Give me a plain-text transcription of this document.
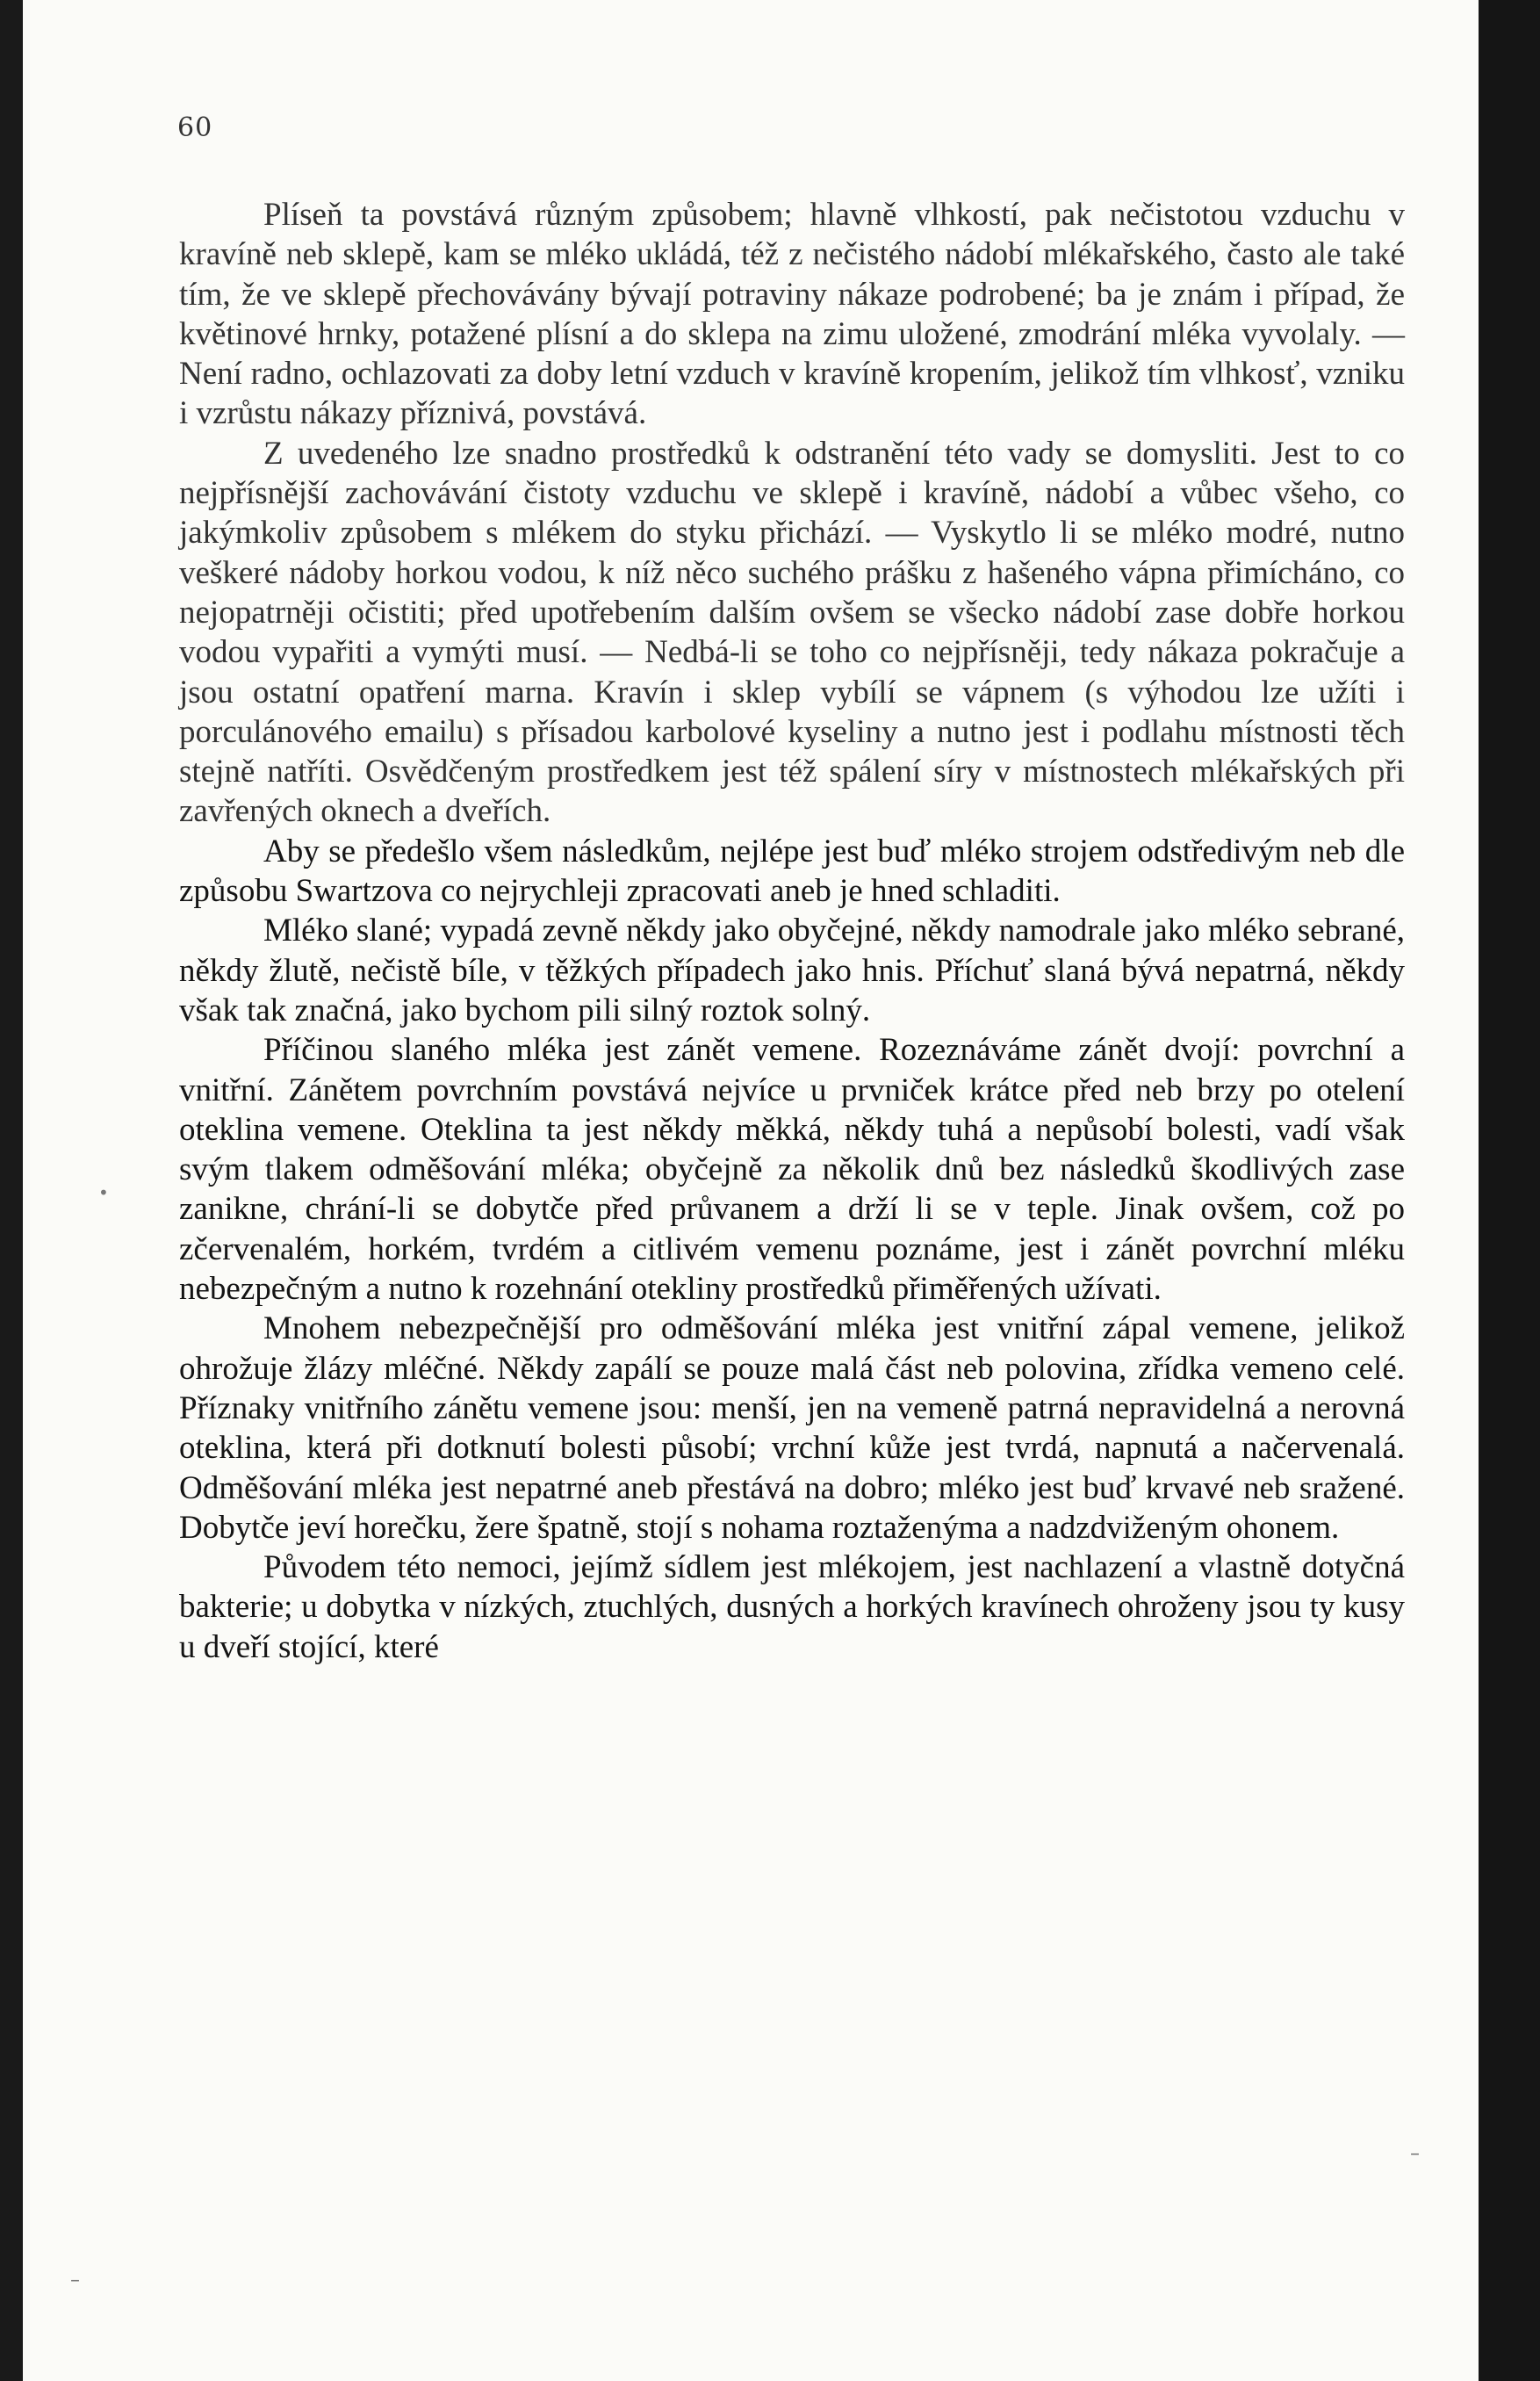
60

Plíseň ta povstává různým způsobem; hlavně vlhkostí, pak nečistotou vzduchu v kravíně neb sklepě, kam se mléko ukládá, též z nečistého nádobí mlékařského, často ale také tím, že ve sklepě přechovávány bývají potraviny nákaze podrobené; ba je znám i případ, že květinové hrnky, potažené plísní a do sklepa na zimu uložené, zmodrání mléka vyvolaly. — Není radno, ochlazovati za doby letní vzduch v kravíně kropením, jelikož tím vlhkosť, vzniku i vzrůstu nákazy příznivá, povstává.

Z uvedeného lze snadno prostředků k odstranění této vady se domysliti. Jest to co nejpřísnější zachovávání čistoty vzduchu ve sklepě i kravíně, nádobí a vůbec všeho, co jakýmkoliv způsobem s mlékem do styku přichází. — Vyskytlo li se mléko modré, nutno veškeré nádoby horkou vodou, k níž něco suchého prášku z hašeného vápna přimícháno, co nejopatrněji očistiti; před upotřebením dalším ovšem se všecko nádobí zase dobře horkou vodou vypařiti a vymýti musí. — Nedbá-li se toho co nejpřísněji, tedy nákaza pokračuje a jsou ostatní opatření marna. Kravín i sklep vybílí se vápnem (s výhodou lze užíti i porculánového emailu) s přísadou karbolové kyseliny a nutno jest i podlahu místnosti těch stejně natříti. Osvědčeným prostředkem jest též spálení síry v místnostech mlékařských při zavřených oknech a dveřích.

Aby se předešlo všem následkům, nejlépe jest buď mléko strojem odstředivým neb dle způsobu Swartzova co nejrychleji zpracovati aneb je hned schladiti.

Mléko slané; vypadá zevně někdy jako obyčejné, někdy namodrale jako mléko sebrané, někdy žlutě, nečistě bíle, v těžkých případech jako hnis. Příchuť slaná bývá nepatrná, někdy však tak značná, jako bychom pili silný roztok solný.

Příčinou slaného mléka jest zánět vemene. Rozeznáváme zánět dvojí: povrchní a vnitřní. Zánětem povrchním povstává nejvíce u prvniček krátce před neb brzy po otelení oteklina vemene. Oteklina ta jest někdy měkká, někdy tuhá a nepůsobí bolesti, vadí však svým tlakem odměšování mléka; obyčejně za několik dnů bez následků škodlivých zase zanikne, chrání-li se dobytče před průvanem a drží li se v teple. Jinak ovšem, což po zčervenalém, horkém, tvrdém a citlivém vemenu poznáme, jest i zánět povrchní mléku nebezpečným a nutno k rozehnání otekliny prostředků přiměřených užívati.

Mnohem nebezpečnější pro odměšování mléka jest vnitřní zápal vemene, jelikož ohrožuje žlázy mléčné. Někdy zapálí se pouze malá část neb polovina, zřídka vemeno celé. Příznaky vnitřního zánětu vemene jsou: menší, jen na vemeně patrná nepravidelná a nerovná oteklina, která při dotknutí bolesti působí; vrchní kůže jest tvrdá, napnutá a načervenalá. Odměšování mléka jest nepatrné aneb přestává na dobro; mléko jest buď krvavé neb sražené. Dobytče jeví horečku, žere špatně, stojí s nohama roztaženýma a nadzdviženým ohonem.

Původem této nemoci, jejímž sídlem jest mlékojem, jest nachlazení a vlastně dotyčná bakterie; u dobytka v nízkých, ztuchlých, dusných a horkých kravínech ohroženy jsou ty kusy u dveří stojící, které

•
–
–
